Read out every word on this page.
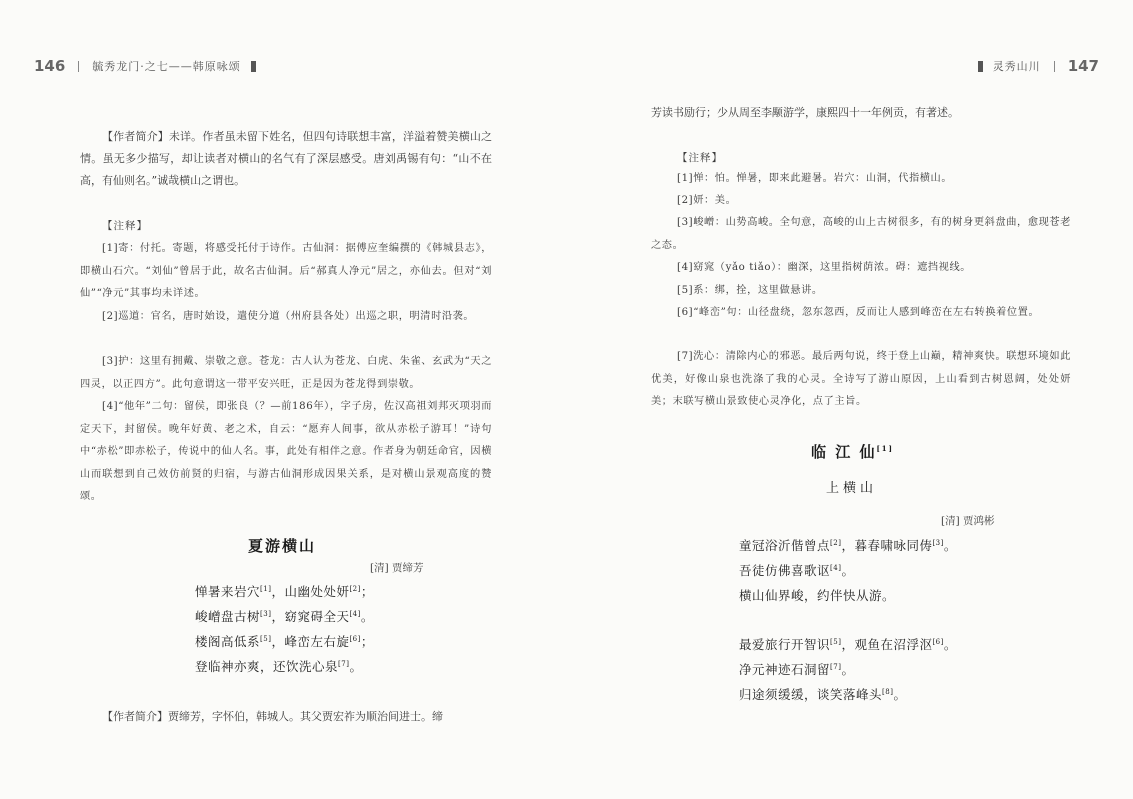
146 毓秀龙门·之七——韩原咏颂	灵秀山川 147
【作者简介】未详。作者虽未留下姓名，但四句诗联想丰富，洋溢着赞美横山之情。虽无多少描写，却让读者对横山的名气有了深层感受。唐刘禹锡有句：“山不在高，有仙则名。”诚哉横山之谓也。
【注释】
[1]寄：付托。寄题，将感受托付于诗作。古仙洞：据傅应奎编撰的《韩城县志》，即横山石穴。“刘仙”曾居于此，故名古仙洞。后“郝真人净元”居之，亦仙去。但对“刘仙”“净元”其事均未详述。
[2]巡道：官名，唐时始设，遣使分道（州府县各处）出巡之职，明清时沿袭。
[3]护：这里有拥戴、崇敬之意。苍龙：古人认为苍龙、白虎、朱雀、玄武为“天之四灵，以正四方”。此句意谓这一带平安兴旺，正是因为苍龙得到崇敬。
[4]“他年”二句：留侯，即张良（？—前186年），字子房，佐汉高祖刘邦灭项羽而定天下，封留侯。晚年好黄、老之术，自云：“愿弃人间事，欲从赤松子游耳！”诗句中“赤松”即赤松子，传说中的仙人名。事，此处有相伴之意。作者身为朝廷命官，因横山而联想到自己效仿前贤的归宿，与游古仙洞形成因果关系，是对横山景观高度的赞颂。
夏游横山
[清] 贾缔芳
惮暑来岩穴[1]，山幽处处妍[2]；
峻嶒盘古树[3]，窈窕碍全天[4]。
楼阁高低系[5]，峰峦左右旋[6]；
登临神亦爽，还饮洗心泉[7]。
【作者简介】贾缔芳，字怀伯，韩城人。其父贾宏祚为顺治间进士。缔
芳读书励行；少从周至李颙游学，康熙四十一年例贡，有著述。
【注释】
[1]惮：怕。惮暑，即来此避暑。岩穴：山洞，代指横山。
[2]妍：美。
[3]峻嶒：山势高峻。全句意，高峻的山上古树很多，有的树身更斜盘曲，愈现苍老之态。
[4]窈窕（yǎo tiǎo）：幽深，这里指树荫浓。碍：遮挡视线。
[5]系：绑，拴，这里做悬讲。
[6]“峰峦”句：山径盘绕，忽东忽西，反而让人感到峰峦在左右转换着位置。
[7]洗心：清除内心的邪恶。最后两句说，终于登上山巅，精神爽快。联想环境如此优美，好像山泉也洗涤了我的心灵。全诗写了游山原因，上山看到古树恩阔，处处妍美；末联写横山景致使心灵净化，点了主旨。
临 江 仙[1]
上横山
[清] 贾鸿彬
童冠浴沂偕曾点[2]，暮春啸咏同俦[3]。
吾徒仿佛喜歌讴[4]。
横山仙界峻，约伴快从游。
最爱旅行开智识[5]，观鱼在沼浮沤[6]。
净元神迹石洞留[7]。
归途须缓缓，谈笑落峰头[8]。
